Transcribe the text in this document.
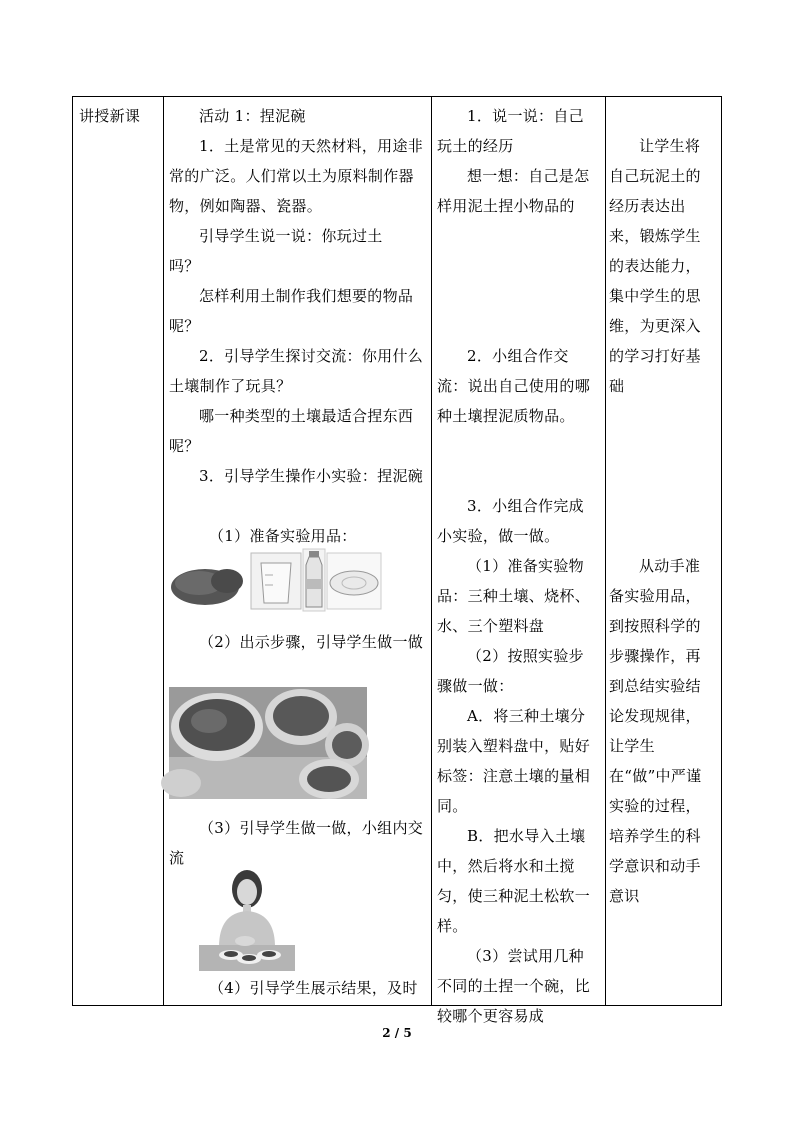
讲授新课	活动 1：捏泥碗

1．土是常见的天然材料，用途非常的广泛。人们常以土为原料制作器物，例如陶器、瓷器。

引导学生说一说：你玩过土吗？

怎样利用土制作我们想要的物品呢？

2．引导学生探讨交流：你用什么土壤制作了玩具？

哪一种类型的土壤最适合捏东西呢？

3．引导学生操作小实验：捏泥碗

（1）准备实验用品：

（2）出示步骤，引导学生做一做

（3）引导学生做一做，小组内交流

（4）引导学生展示结果，及时

1．说一说：自己玩土的经历

想一想：自己是怎样用泥土捏小物品的

2．小组合作交流：说出自己使用的哪种土壤捏泥质物品。

3．小组合作完成小实验，做一做。

（1）准备实验物品：三种土壤、烧杯、水、三个塑料盘

（2）按照实验步骤做一做：

A．将三种土壤分别装入塑料盘中，贴好标签：注意土壤的量相同。

B．把水导入土壤中，然后将水和土搅匀，使三种泥土松软一样。

（3）尝试用几种不同的土捏一个碗，比较哪个更容易成

让学生将自己玩泥土的经历表达出来，锻炼学生的表达能力，集中学生的思维，为更深入的学习打好基础

从动手准备实验用品，到按照科学的步骤操作，再到总结实验结论发现规律，让学生在“做”中严谨实验的过程，培养学生的科学意识和动手意识

2 / 5
